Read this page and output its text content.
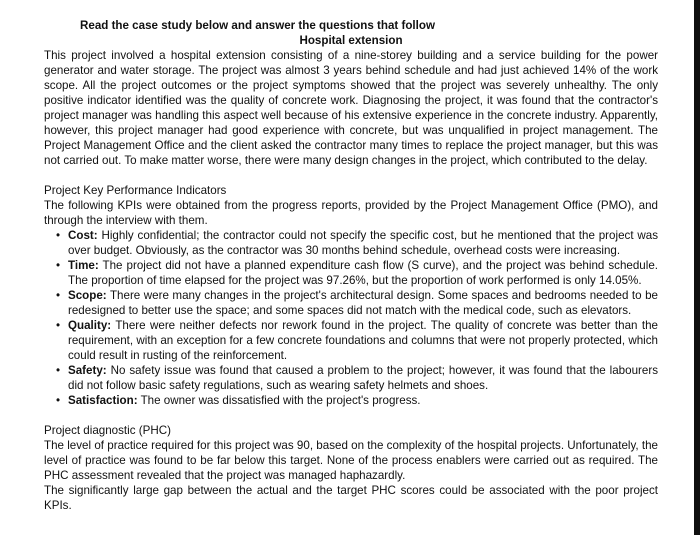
Read the case study below and answer the questions that follow
Hospital extension

This project involved a hospital extension consisting of a nine-storey building and a service building for the power generator and water storage. The project was almost 3 years behind schedule and had just achieved 14% of the work scope. All the project outcomes or the project symptoms showed that the project was severely unhealthy. The only positive indicator identified was the quality of concrete work. Diagnosing the project, it was found that the contractor's project manager was handling this aspect well because of his extensive experience in the concrete industry. Apparently, however, this project manager had good experience with concrete, but was unqualified in project management. The Project Management Office and the client asked the contractor many times to replace the project manager, but this was not carried out. To make matter worse, there were many design changes in the project, which contributed to the delay.

Project Key Performance Indicators

The following KPIs were obtained from the progress reports, provided by the Project Management Office (PMO), and through the interview with them.

• Cost: Highly confidential; the contractor could not specify the specific cost, but he mentioned that the project was over budget. Obviously, as the contractor was 30 months behind schedule, overhead costs were increasing.
• Time: The project did not have a planned expenditure cash flow (S curve), and the project was behind schedule. The proportion of time elapsed for the project was 97.26%, but the proportion of work performed is only 14.05%.
• Scope: There were many changes in the project's architectural design. Some spaces and bedrooms needed to be redesigned to better use the space; and some spaces did not match with the medical code, such as elevators.
• Quality: There were neither defects nor rework found in the project. The quality of concrete was better than the requirement, with an exception for a few concrete foundations and columns that were not properly protected, which could result in rusting of the reinforcement.
• Safety: No safety issue was found that caused a problem to the project; however, it was found that the labourers did not follow basic safety regulations, such as wearing safety helmets and shoes.
• Satisfaction: The owner was dissatisfied with the project's progress.

Project diagnostic (PHC)

The level of practice required for this project was 90, based on the complexity of the hospital projects. Unfortunately, the level of practice was found to be far below this target. None of the process enablers were carried out as required. The PHC assessment revealed that the project was managed haphazardly.

The significantly large gap between the actual and the target PHC scores could be associated with the poor project KPIs.
